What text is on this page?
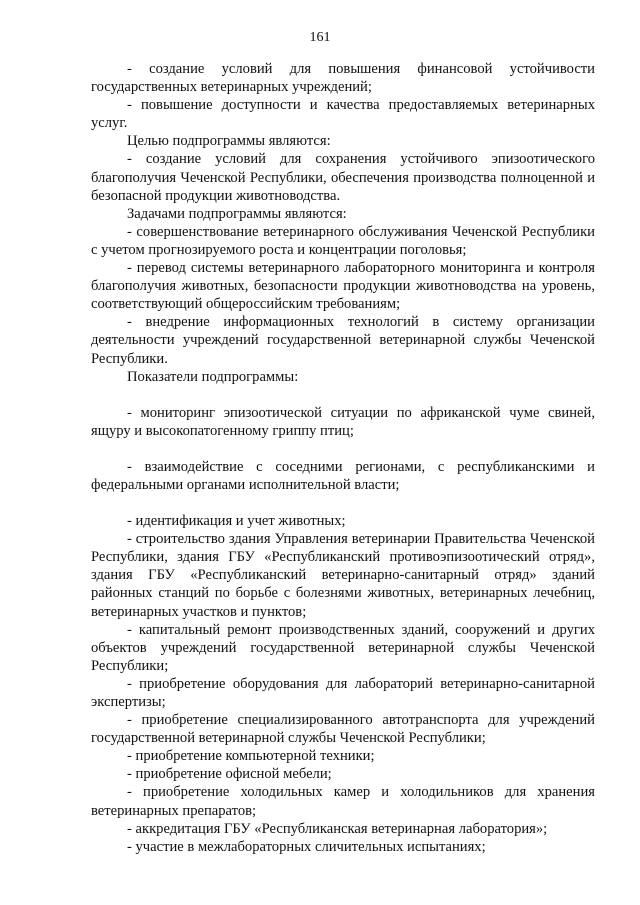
161

- создание условий для повышения финансовой устойчивости государственных ветеринарных учреждений;

- повышение доступности и качества предоставляемых ветеринарных услуг.

Целью подпрограммы являются:

- создание условий для сохранения устойчивого эпизоотического благополучия Чеченской Республики, обеспечения производства полноценной и безопасной продукции животноводства.

Задачами подпрограммы являются:

- совершенствование ветеринарного обслуживания Чеченской Республики с учетом прогнозируемого роста и концентрации поголовья;

- перевод системы ветеринарного лабораторного мониторинга и контроля благополучия животных, безопасности продукции животноводства на уровень, соответствующий общероссийским требованиям;

- внедрение информационных технологий в систему организации деятельности учреждений государственной ветеринарной службы Чеченской Республики.

Показатели подпрограммы:

- мониторинг эпизоотической ситуации по африканской чуме свиней, ящуру и высокопатогенному гриппу птиц;

- взаимодействие с соседними регионами, с республиканскими и федеральными органами исполнительной власти;

- идентификация и учет животных;

- строительство здания Управления ветеринарии Правительства Чеченской Республики, здания ГБУ «Республиканский противоэпизоотический отряд», здания ГБУ «Республиканский ветеринарно-санитарный отряд» зданий районных станций по борьбе с болезнями животных, ветеринарных лечебниц, ветеринарных участков и пунктов;

- капитальный ремонт производственных зданий, сооружений и других объектов учреждений государственной ветеринарной службы Чеченской Республики;

- приобретение оборудования для лабораторий ветеринарно-санитарной экспертизы;

- приобретение специализированного автотранспорта для учреждений государственной ветеринарной службы Чеченской Республики;

- приобретение компьютерной техники;

- приобретение офисной мебели;

- приобретение холодильных камер и холодильников для хранения ветеринарных препаратов;

- аккредитация ГБУ «Республиканская ветеринарная лаборатория»;

- участие в межлабораторных сличительных испытаниях;
